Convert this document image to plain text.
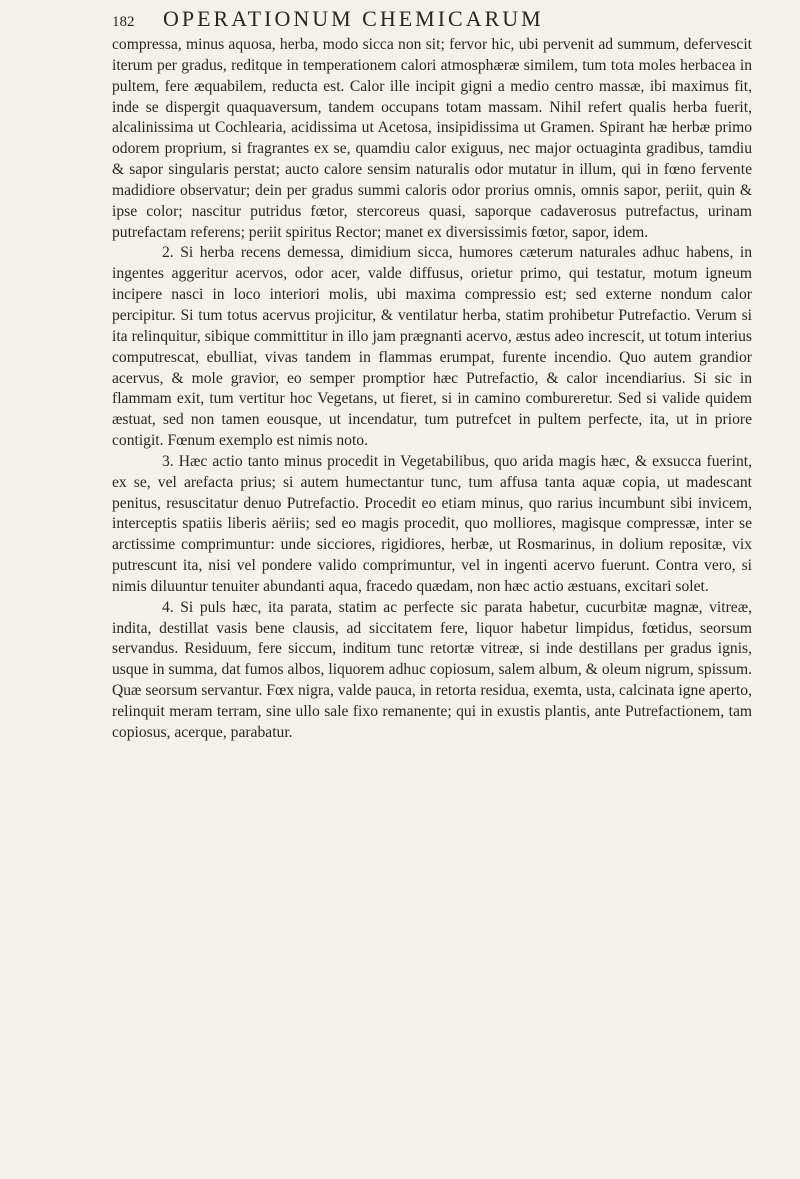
182 OPERATIONUM CHEMICARUM

compressa, minus aquosa, herba, modo sicca non sit; fervor hic, ubi pervenit ad summum, defervescit iterum per gradus, reditque in temperationem calori atmosphæræ similem, tum tota moles herbacea in pultem, fere æquabilem, reducta est. Calor ille incipit gigni a medio centro massæ, ibi maximus fit, inde se dispergit quaquaversum, tandem occupans totam massam. Nihil refert qualis herba fuerit, alcalinissima ut Cochlearia, acidissima ut Acetosa, insipidissima ut Gramen. Spirant hæ herbæ primo odorem proprium, si fragrantes ex se, quamdiu calor exiguus, nec major octuaginta gradibus, tamdiu & sapor singularis perstat; aucto calore sensim naturalis odor mutatur in illum, qui in fœno fervente madidiore observatur; dein per gradus summi caloris odor prorius omnis, omnis sapor, periit, quin & ipse color; nascitur putridus fœtor, stercoreus quasi, saporque cadaverosus putrefactus, urinam putrefactam referens; periit spiritus Rector; manet ex diversissimis fœtor, sapor, idem.

2. Si herba recens demessa, dimidium sicca, humores cæterum naturales adhuc habens, in ingentes aggeritur acervos, odor acer, valde diffusus, orietur primo, qui testatur, motum igneum incipere nasci in loco interiori molis, ubi maxima compressio est; sed externe nondum calor percipitur. Si tum totus acervus projicitur, & ventilatur herba, statim prohibetur Putrefactio. Verum si ita relinquitur, sibique committitur in illo jam prægnanti acervo, æstus adeo increscit, ut totum interius computrescat, ebulliat, vivas tandem in flammas erumpat, furente incendio. Quo autem grandior acervus, & mole gravior, eo semper promptior hæc Putrefactio, & calor incendiarius. Si sic in flammam exit, tum vertitur hoc Vegetans, ut fieret, si in camino combureretur. Sed si valide quidem æstuat, sed non tamen eousque, ut incendatur, tum putrefcet in pultem perfecte, ita, ut in priore contigit. Fœnum exemplo est nimis noto.

3. Hæc actio tanto minus procedit in Vegetabilibus, quo arida magis hæc, & exsucca fuerint, ex se, vel arefacta prius; si autem humectantur tunc, tum affusa tanta aquæ copia, ut madescant penitus, resuscitatur denuo Putrefactio. Procedit eo etiam minus, quo rarius incumbunt sibi invicem, interceptis spatiis liberis aëriis; sed eo magis procedit, quo molliores, magisque compressæ, inter se arctissime comprimuntur: unde sicciores, rigidiores, herbæ, ut Rosmarinus, in dolium repositæ, vix putrescunt ita, nisi vel pondere valido comprimuntur, vel in ingenti acervo fuerunt. Contra vero, si nimis diluuntur tenuiter abundanti aqua, fracedo quædam, non hæc actio æstuans, excitari solet.

4. Si puls hæc, ita parata, statim ac perfecte sic parata habetur, cucurbitæ magnæ, vitreæ, indita, destillat vasis bene clausis, ad siccitatem fere, liquor habetur limpidus, fœtidus, seorsum servandus. Residuum, fere siccum, inditum tunc retortæ vitreæ, si inde destillans per gradus ignis, usque in summa, dat fumos albos, liquorem adhuc copiosum, salem album, & oleum nigrum, spissum. Quæ seorsum servantur. Fœx nigra, valde pauca, in retorta residua, exemta, usta, calcinata igne aperto, relinquit meram terram, sine ullo sale fixo remanente; qui in exustis plantis, ante Putrefactionem, tam copiosus, acerque, parabatur.
